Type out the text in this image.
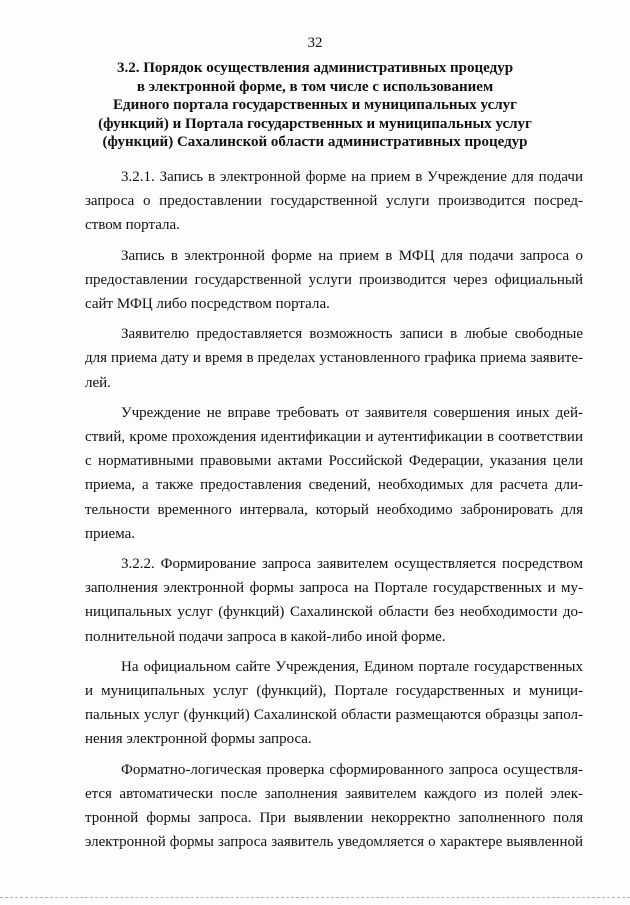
32
3.2. Порядок осуществления административных процедур
в электронной форме, в том числе с использованием
Единого портала государственных и муниципальных услуг
(функций) и Портала государственных и муниципальных услуг
(функций) Сахалинской области административных процедур
3.2.1. Запись в электронной форме на прием в Учреждение для подачи
запроса о предоставлении государственной услуги производится посред-
ством портала.
Запись в электронной форме на прием в МФЦ для подачи запроса о
предоставлении государственной услуги производится через официальный
сайт МФЦ либо посредством портала.
Заявителю предоставляется возможность записи в любые свободные
для приема дату и время в пределах установленного графика приема заявите-
лей.
Учреждение не вправе требовать от заявителя совершения иных дей-
ствий, кроме прохождения идентификации и аутентификации в соответствии
с нормативными правовыми актами Российской Федерации, указания цели
приема, а также предоставления сведений, необходимых для расчета дли-
тельности временного интервала, который необходимо забронировать для
приема.
3.2.2. Формирование запроса заявителем осуществляется посредством
заполнения электронной формы запроса на Портале государственных и му-
ниципальных услуг (функций) Сахалинской области без необходимости до-
полнительной подачи запроса в какой-либо иной форме.
На официальном сайте Учреждения, Едином портале государственных
и муниципальных услуг (функций), Портале государственных и муници-
пальных услуг (функций) Сахалинской области размещаются образцы запол-
нения электронной формы запроса.
Форматно-логическая проверка сформированного запроса осуществля-
ется автоматически после заполнения заявителем каждого из полей элек-
тронной формы запроса. При выявлении некорректно заполненного поля
электронной формы запроса заявитель уведомляется о характере выявленной
